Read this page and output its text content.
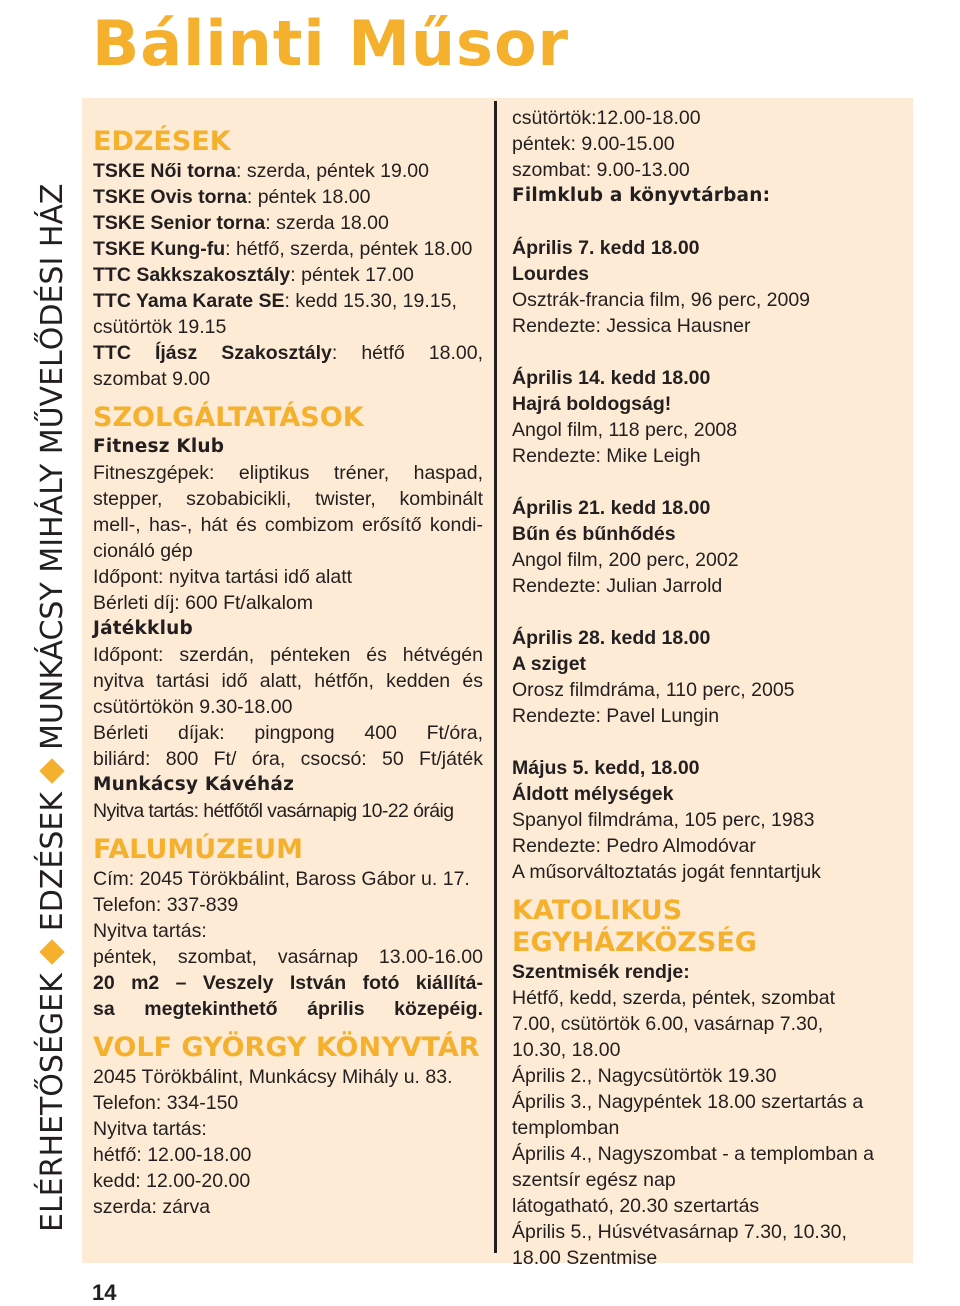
Bálinti Műsor
ELÉRHETŐSÉGEK
EDZÉSEK
MUNKÁCSY MIHÁLY MŰVELŐDÉSI HÁZ
EDZÉSEK

TSKE Női torna: szerda, péntek 19.00

TSKE Ovis torna: péntek 18.00

TSKE Senior torna: szerda 18.00

TSKE Kung-fu: hétfő, szerda, péntek 18.00

TTC Sakkszakosztály: péntek 17.00

TTC Yama Karate SE: kedd 15.30, 19.15,

csütörtök 19.15

TTC Íjász Szakosztály: hétfő 18.00,

szombat 9.00

SZOLGÁLTATÁSOK

Fitnesz Klub

Fitneszgépek: eliptikus tréner, haspad,

stepper, szobabicikli, twister, kombinált

mell-, has-, hát és combizom erősítő kondi-

cionáló gép

Időpont: nyitva tartási idő alatt

Bérleti díj: 600 Ft/alkalom

Játékklub

Időpont: szerdán, pénteken és hétvégén

nyitva tartási idő alatt, hétfőn, kedden és

csütörtökön 9.30-18.00

Bérleti díjak: pingpong 400 Ft/óra,

biliárd: 800 Ft/ óra, csocsó: 50 Ft/játék

Munkácsy Kávéház

Nyitva tartás: hétfőtől vasárnapig 10-22 óráig

FALUMÚZEUM

Cím: 2045 Törökbálint, Baross Gábor u. 17.

Telefon: 337-839

Nyitva tartás:

péntek, szombat, vasárnap 13.00-16.00

20 m2 – Veszely István fotó kiállítá-

sa megtekinthető április közepéig.

VOLF GYÖRGY KÖNYVTÁR

2045 Törökbálint, Munkácsy Mihály u. 83.

Telefon: 334-150

Nyitva tartás:

hétfő: 12.00-18.00

kedd: 12.00-20.00

szerda: zárva

csütörtök:12.00-18.00

péntek: 9.00-15.00

szombat: 9.00-13.00

Filmklub a könyvtárban:

Április 7. kedd 18.00

Lourdes

Osztrák-francia film, 96 perc, 2009

Rendezte: Jessica Hausner

Április 14. kedd 18.00

Hajrá boldogság!

Angol film, 118 perc, 2008

Rendezte: Mike Leigh

Április 21. kedd 18.00

Bűn és bűnhődés

Angol film, 200 perc, 2002

Rendezte: Julian Jarrold

Április 28. kedd 18.00

A sziget

Orosz filmdráma, 110 perc, 2005

Rendezte: Pavel Lungin

Május 5. kedd, 18.00

Áldott mélységek

Spanyol filmdráma, 105 perc, 1983

Rendezte: Pedro Almodóvar

A műsorváltoztatás jogát fenntartjuk

KATOLIKUS EGYHÁZKÖZSÉG

Szentmisék rendje:

Hétfő, kedd, szerda, péntek, szombat

7.00, csütörtök 6.00, vasárnap 7.30,

10.30, 18.00

Április 2., Nagycsütörtök 19.30

Április 3., Nagypéntek 18.00 szertartás a

templomban

Április 4., Nagyszombat - a templomban a

szentsír egész nap

látogatható, 20.30 szertartás

Április 5., Húsvétvasárnap 7.30, 10.30,

18.00 Szentmise

14
